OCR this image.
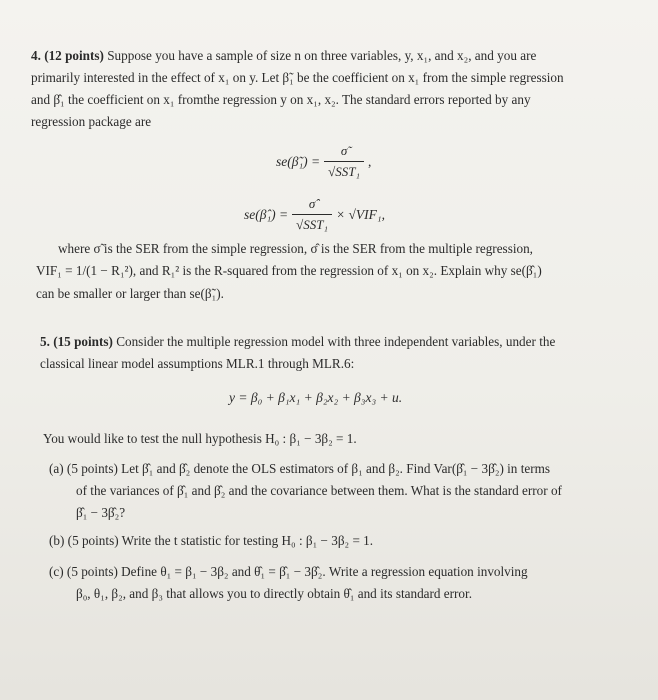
4. (12 points) Suppose you have a sample of size n on three variables, y, x₁, and x₂, and you are
primarily interested in the effect of x₁ on y. Let β̃₁ be the coefficient on x₁ from the simple regression
and β̂₁ the coefficient on x₁ fromthe regression y on x₁, x₂. The standard errors reported by any
regression package are
se(β̃₁) = $\frac{\sigmã}{\text{√SST₁}}$ ,
se(β̂₁) = $\frac{\sigmâ}{\text{√SST₁}} \times √VIF_1$,
where σ̃ is the SER from the simple regression, σ̂ is the SER from the multiple regression,
VIF₁ = 1/(1 − R₁²), and R₁² is the R-squared from the regression of x₁ on x₂. Explain why se(β̂₁)
can be smaller or larger than se(β̃₁).
5. (15 points) Consider the multiple regression model with three independent variables, under the
classical linear model assumptions MLR.1 through MLR.6:
y = β₀ + β₁x₁ + β₂x₂ + β₃x₃ + u.
You would like to test the null hypothesis H₀ : β₁ − 3β₂ = 1.
(a) (5 points) Let β̂₁ and β̂₂ denote the OLS estimators of β₁ and β₂. Find Var(β̂₁ − 3β̂₂) in terms
of the variances of β̂₁ and β̂₂ and the covariance between them. What is the standard error of
β̂₁ − 3β̂₂?
(b) (5 points) Write the t statistic for testing H₀ : β₁ − 3β₂ = 1.
(c) (5 points) Define θ₁ = β₁ − 3β₂ and θ̂₁ = β̂₁ − 3β̂₂. Write a regression equation involving
β₀, θ₁, β₂, and β₃ that allows you to directly obtain θ̂₁ and its standard error.
